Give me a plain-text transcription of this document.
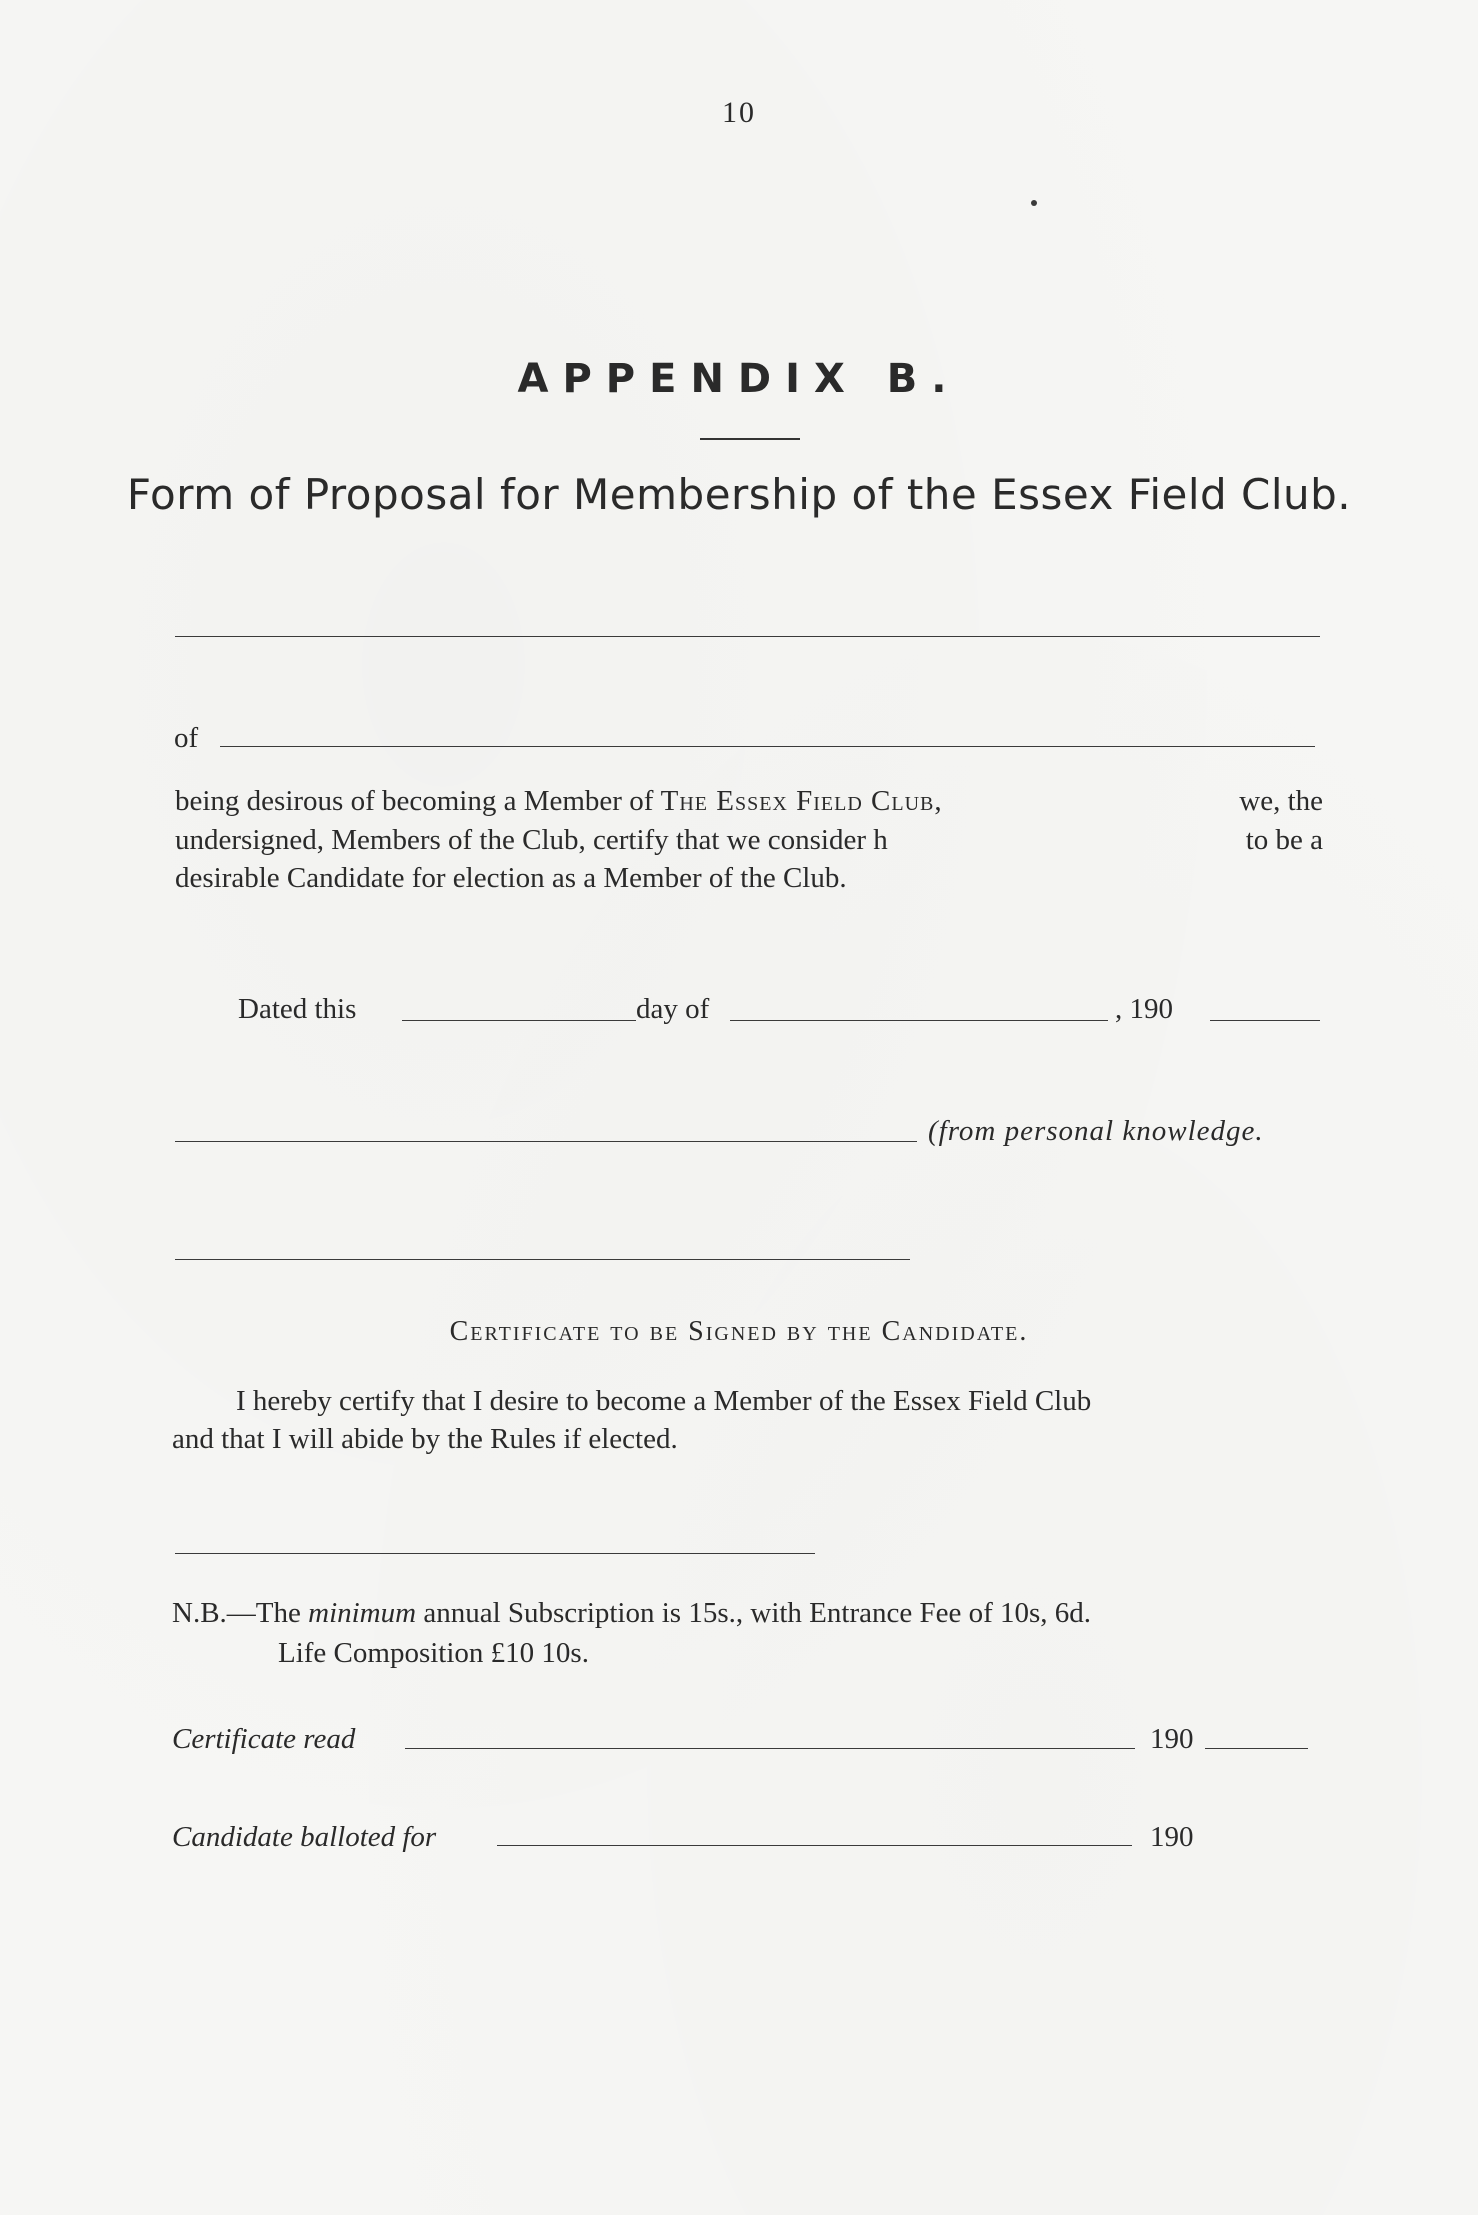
10
APPENDIX B.
Form of Proposal for Membership of the Essex Field Club.
of
being desirous of becoming a Member of The Essex Field Club,	we, the
undersigned, Members of the Club, certify that we consider h	to be a
desirable Candidate for election as a Member of the Club.
Dated this	day of	, 190
(from personal knowledge.
Certificate to be Signed by the Candidate.
I hereby certify that I desire to become a Member of the Essex Field Club
and that I will abide by the Rules if elected.
N.B.—The minimum annual Subscription is 15s., with Entrance Fee of 10s, 6d.
Life Composition £10 10s.
Certificate read	190
Candidate balloted for	190
